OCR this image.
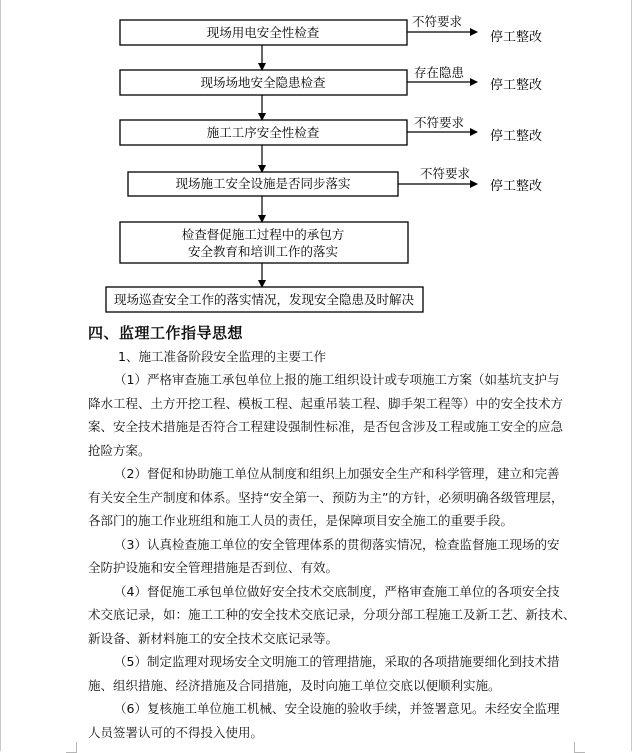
现场用电安全性检查
不符要求
停工整改
现场场地安全隐患检查
存在隐患
停工整改
施工工序安全性检查
不符要求
停工整改
现场施工安全设施是否同步落实
不符要求
停工整改
检查督促施工过程中的承包方
安全教育和培训工作的落实
现场巡查安全工作的落实情况，发现安全隐患及时解决
四、监理工作指导思想
1、施工准备阶段安全监理的主要工作
（1）严格审查施工承包单位上报的施工组织设计或专项施工方案（如基坑支护与
降水工程、土方开挖工程、模板工程、起重吊装工程、脚手架工程等）中的安全技术方
案、安全技术措施是否符合工程建设强制性标准，是否包含涉及工程或施工安全的应急
抢险方案。
（2）督促和协助施工单位从制度和组织上加强安全生产和科学管理，建立和完善
有关安全生产制度和体系。坚持“安全第一、预防为主”的方针，必须明确各级管理层，
各部门的施工作业班组和施工人员的责任，是保障项目安全施工的重要手段。
（3）认真检查施工单位的安全管理体系的贯彻落实情况，检查监督施工现场的安
全防护设施和安全管理措施是否到位、有效。
（4）督促施工承包单位做好安全技术交底制度，严格审查施工单位的各项安全技
术交底记录，如：施工工种的安全技术交底记录，分项分部工程施工及新工艺、新技术、
新设备、新材料施工的安全技术交底记录等。
（5）制定监理对现场安全文明施工的管理措施，采取的各项措施要细化到技术措
施、组织措施、经济措施及合同措施，及时向施工单位交底以便顺利实施。
（6）复核施工单位施工机械、安全设施的验收手续，并签署意见。未经安全监理
人员签署认可的不得投入使用。
